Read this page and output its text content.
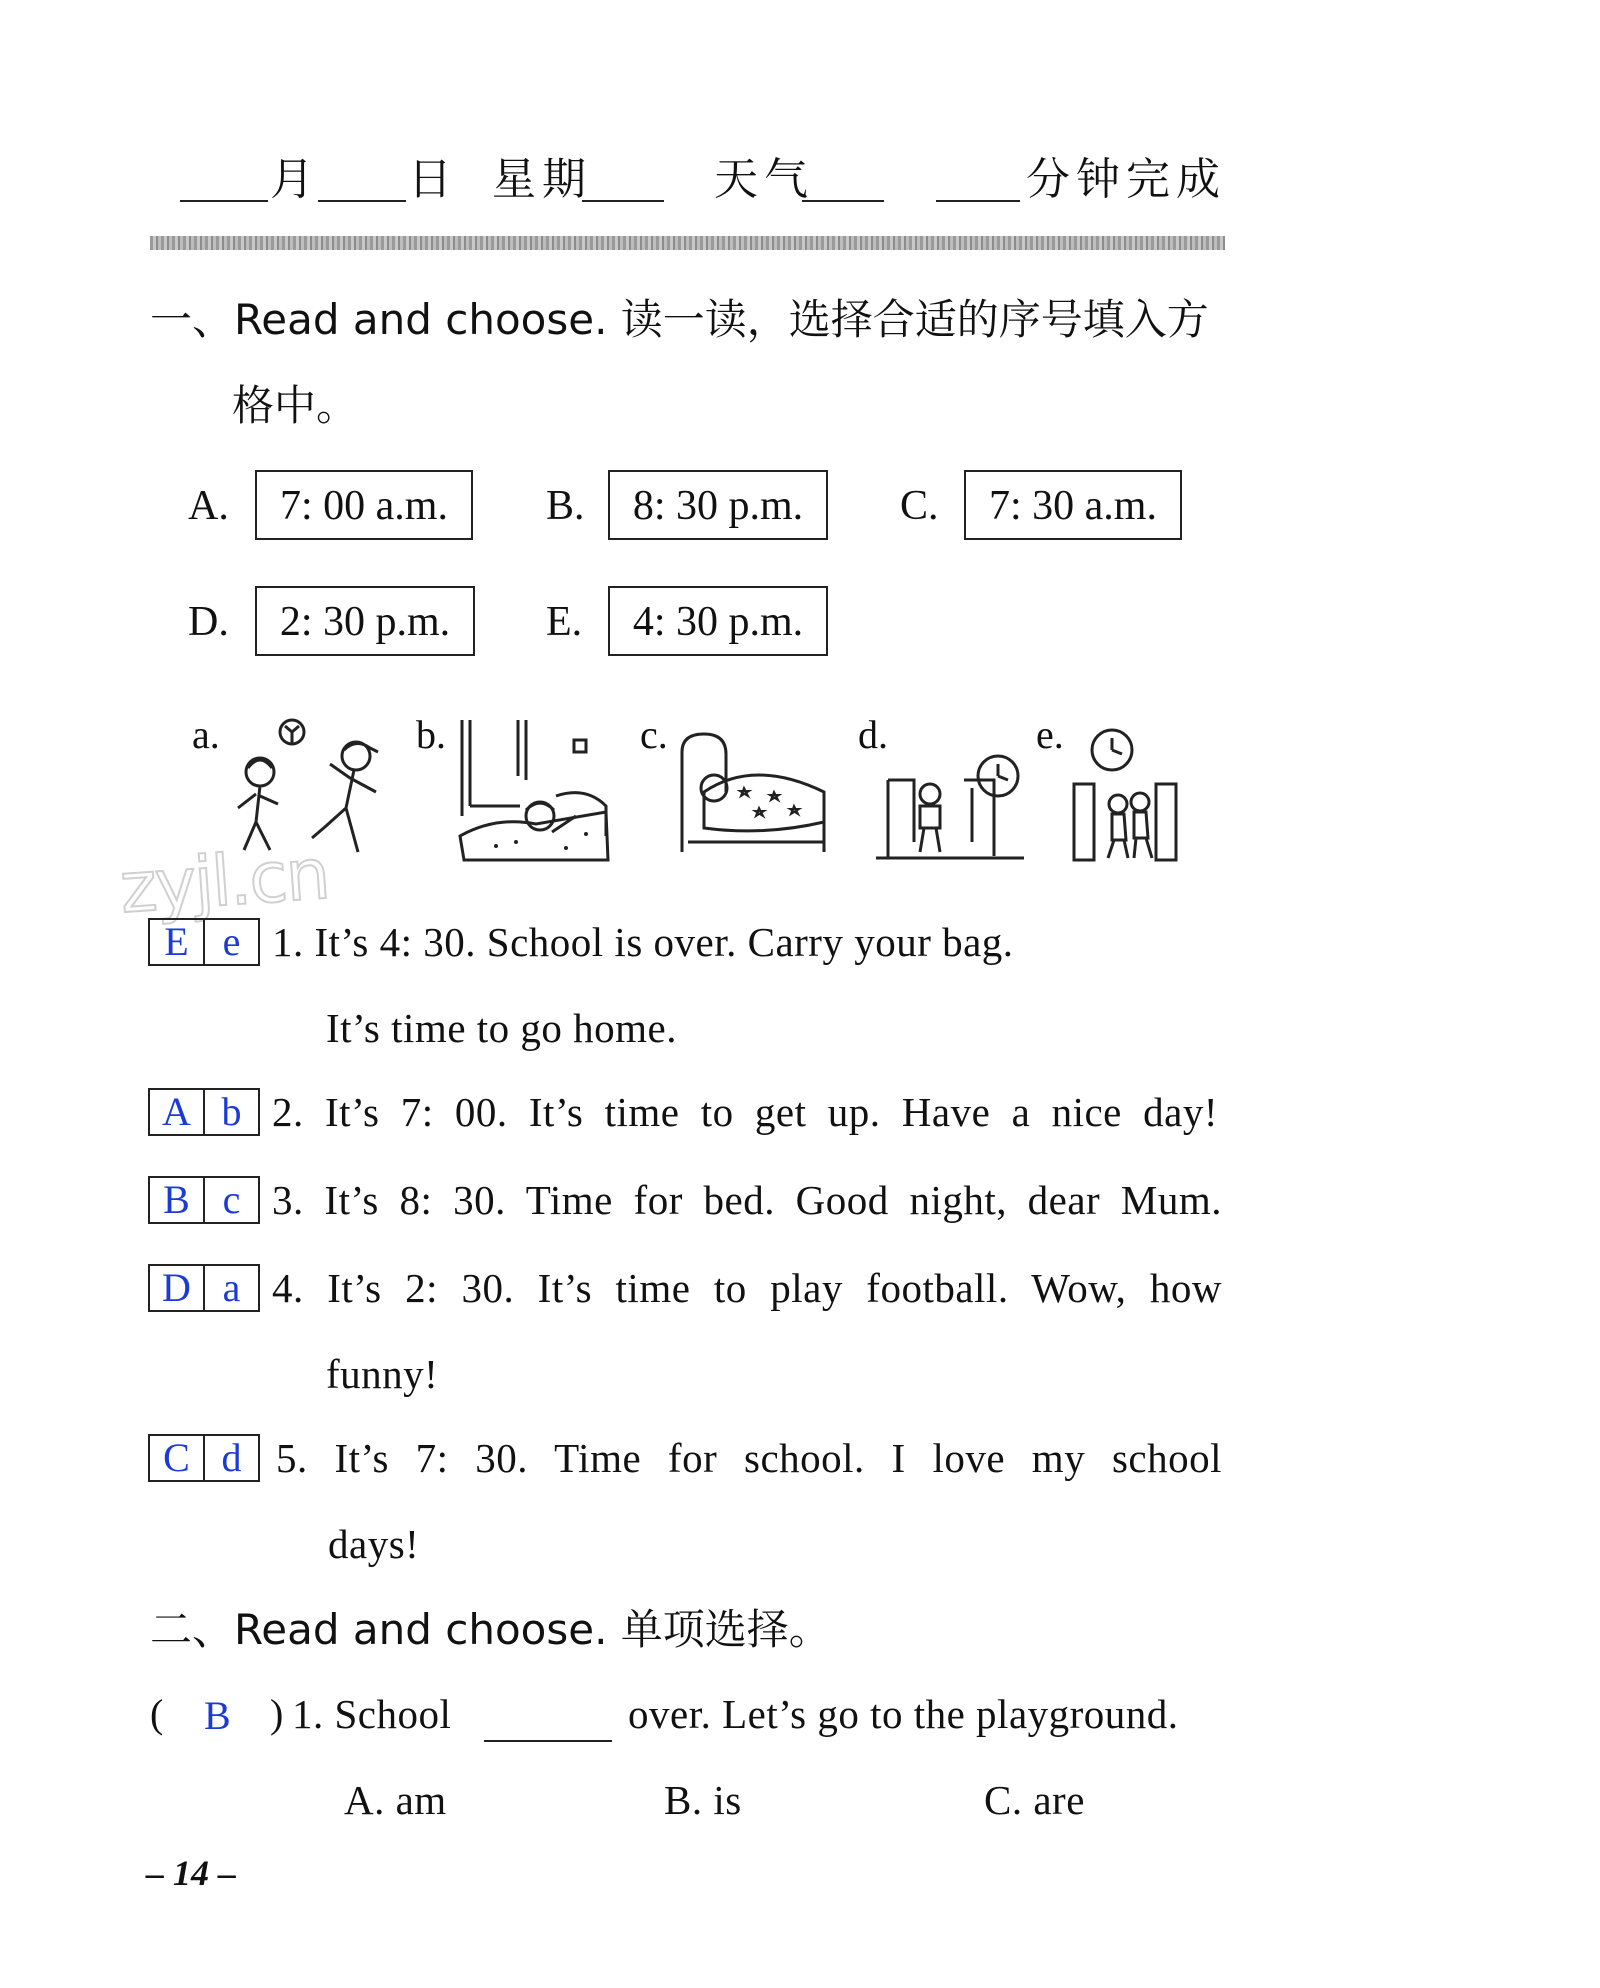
zyjl.cn
月 日 星期	天气	分钟完成
一、Read and choose. 读一读，选择合适的序号填入方
格中。
A.	7: 00 a.m.	B.	8: 30 p.m.	C.	7: 30 a.m.
D.	2: 30 p.m.	E.	4: 30 p.m.
a.	b.	c.	d.	e.
E e 1. It’s 4: 30. School is over. Carry your bag.
It’s time to go home.
A b 2. It’s 7: 00. It’s time to get up. Have a nice day!
B c 3. It’s 8: 30. Time for bed. Good night, dear Mum.
D a 4. It’s 2: 30. It’s time to play football. Wow, how
funny!
C d 5. It’s 7: 30. Time for school. I love my school
days!
二、Read and choose. 单项选择。
( B ) 1. School	over. Let’s go to the playground.
A. am	B. is	C. are
– 14 –
